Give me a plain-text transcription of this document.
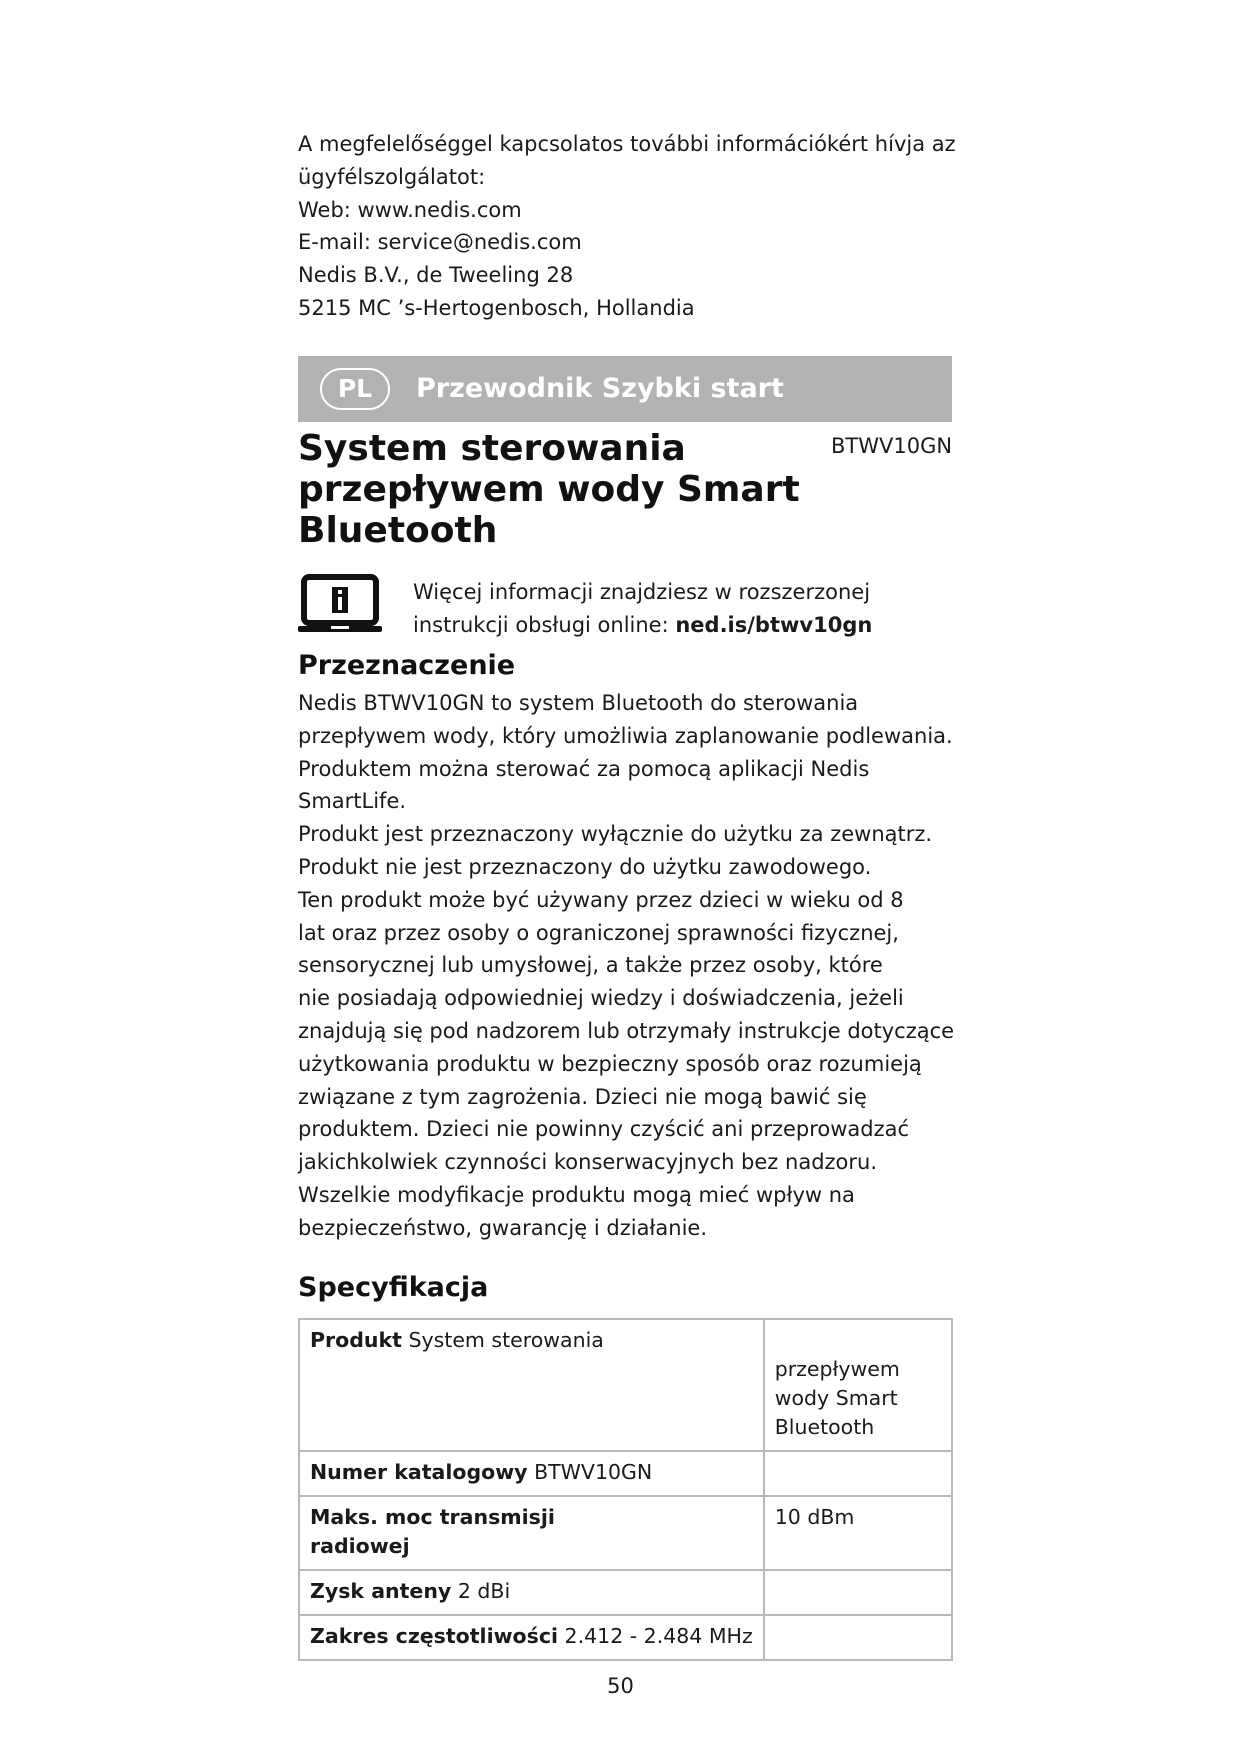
A megfelelőséggel kapcsolatos további információkért hívja az
ügyfélszolgálatot:
Web: www.nedis.com
E-mail: service@nedis.com
Nedis B.V., de Tweeling 28
5215 MC ’s-Hertogenbosch, Hollandia
PL	Przewodnik Szybki start
System sterowania
przepływem wody Smart
Bluetooth
BTWV10GN
Więcej informacji znajdziesz w rozszerzonej
instrukcji obsługi online: ned.is/btwv10gn
Przeznaczenie
Nedis BTWV10GN to system Bluetooth do sterowania
przepływem wody, który umożliwia zaplanowanie podlewania.
Produktem można sterować za pomocą aplikacji Nedis
SmartLife.
Produkt jest przeznaczony wyłącznie do użytku za zewnątrz.
Produkt nie jest przeznaczony do użytku zawodowego.
Ten produkt może być używany przez dzieci w wieku od 8
lat oraz przez osoby o ograniczonej sprawności fizycznej,
sensorycznej lub umysłowej, a także przez osoby, które
nie posiadają odpowiedniej wiedzy i doświadczenia, jeżeli
znajdują się pod nadzorem lub otrzymały instrukcje dotyczące
użytkowania produktu w bezpieczny sposób oraz rozumieją
związane z tym zagrożenia. Dzieci nie mogą bawić się
produktem. Dzieci nie powinny czyścić ani przeprowadzać
jakichkolwiek czynności konserwacyjnych bez nadzoru.
Wszelkie modyfikacje produktu mogą mieć wpływ na
bezpieczeństwo, gwarancję i działanie.
Specyfikacja
Produkt System sterowania	przepływem wody Smart
Bluetooth

Numer katalogowy BTWV10GN	

Maks. moc transmisji
radiowej	10 dBm
Zysk anteny 2 dBi	
Zakres częstotliwości 2.412 - 2.484 MHz	
50
